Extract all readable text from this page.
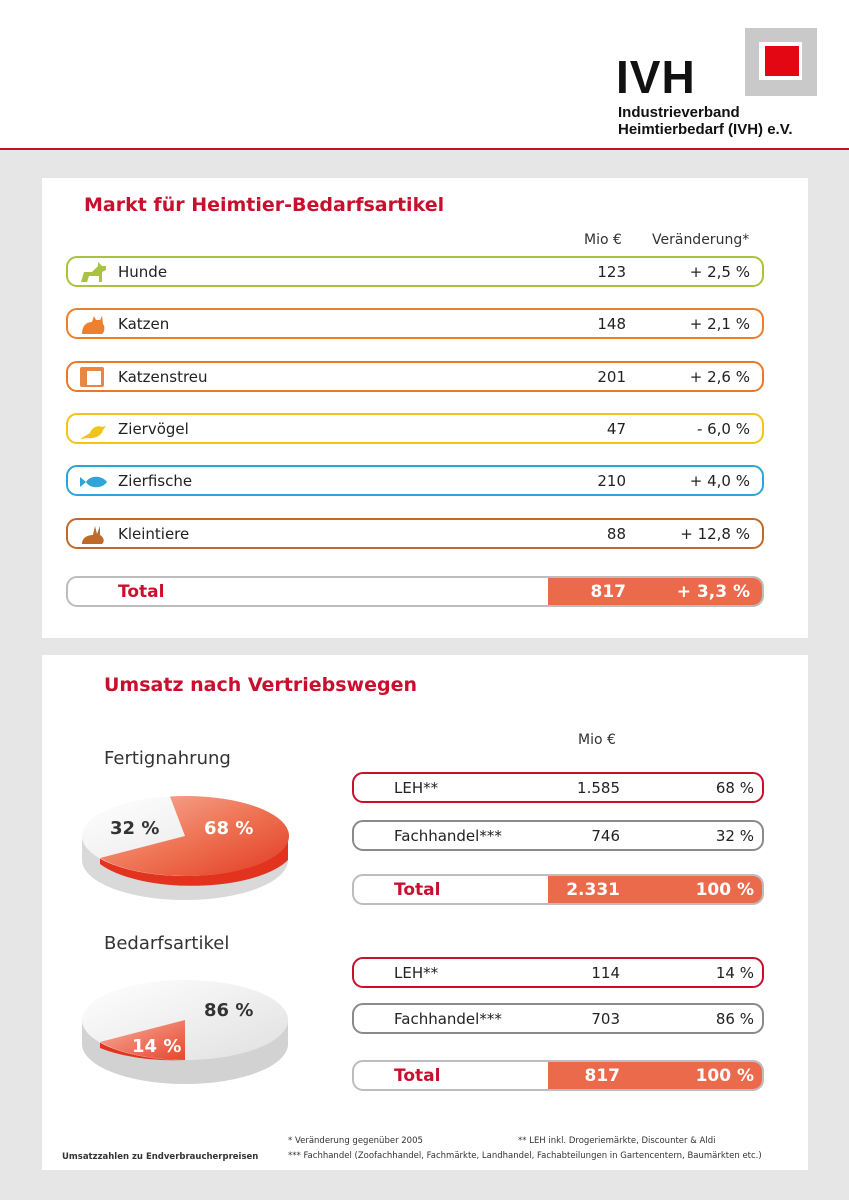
IVH
Industrieverband
Heimtierbedarf (IVH) e.V.
Markt für Heimtier-Bedarfsartikel
Mio € Veränderung*
Hunde	123	+ 2,5 %
Katzen	148	+ 2,1 %
Katzenstreu	201	+ 2,6 %
Ziervögel	47	- 6,0 %
Zierfische	210	+ 4,0 %
Kleintiere	88	+ 12,8 %
Total	817	+ 3,3 %
Umsatz nach Vertriebswegen
Mio €
Fertignahrung
32 % 68 %
LEH**	1.585	68 %
Fachhandel***	746	32 %
Total	2.331	100 %
Bedarfsartikel
86 %
14 %
LEH**	114	14 %
Fachhandel***	703	86 %
Total	817	100 %
Umsatzzahlen zu Endverbraucherpreisen
* Veränderung gegenüber 2005	** LEH inkl. Drogeriemärkte, Discounter & Aldi
*** Fachhandel (Zoofachhandel, Fachmärkte, Landhandel, Fachabteilungen in Gartencentern, Baumärkten etc.)
